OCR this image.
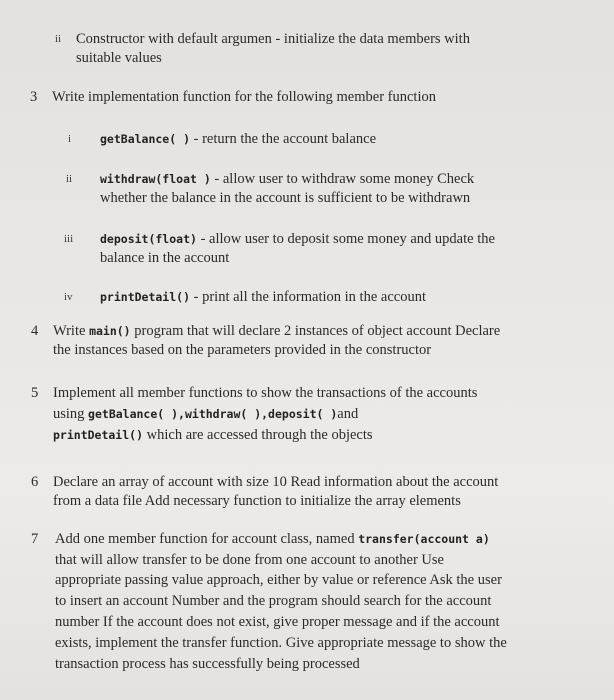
ii Constructor with default argumen - initialize the data members with
suitable values
3 Write implementation function for the following member function
i	getBalance( ) - return the the account balance
ii withdraw(float ) - allow user to withdraw some money Check
whether the balance in the account is sufficient to be withdrawn
iii deposit(float) - allow user to deposit some money and update the
balance in the account
iv printDetail() - print all the information in the account
4 Write main() program that will declare 2 instances of object account Declare
the instances based on the parameters provided in the constructor
5 Implement all member functions to show the transactions of the accounts
using getBalance( ),withdraw( ),deposit( )and
printDetail() which are accessed through the objects
6 Declare an array of account with size 10 Read information about the account
from a data file Add necessary function to initialize the array elements
7 Add one member function for account class, named transfer(account a)
that will allow transfer to be done from one account to another Use
appropriate passing value approach, either by value or reference Ask the user
to insert an account Number and the program should search for the account
number If the account does not exist, give proper message and if the account
exists, implement the transfer function. Give appropriate message to show the
transaction process has successfully being processed
